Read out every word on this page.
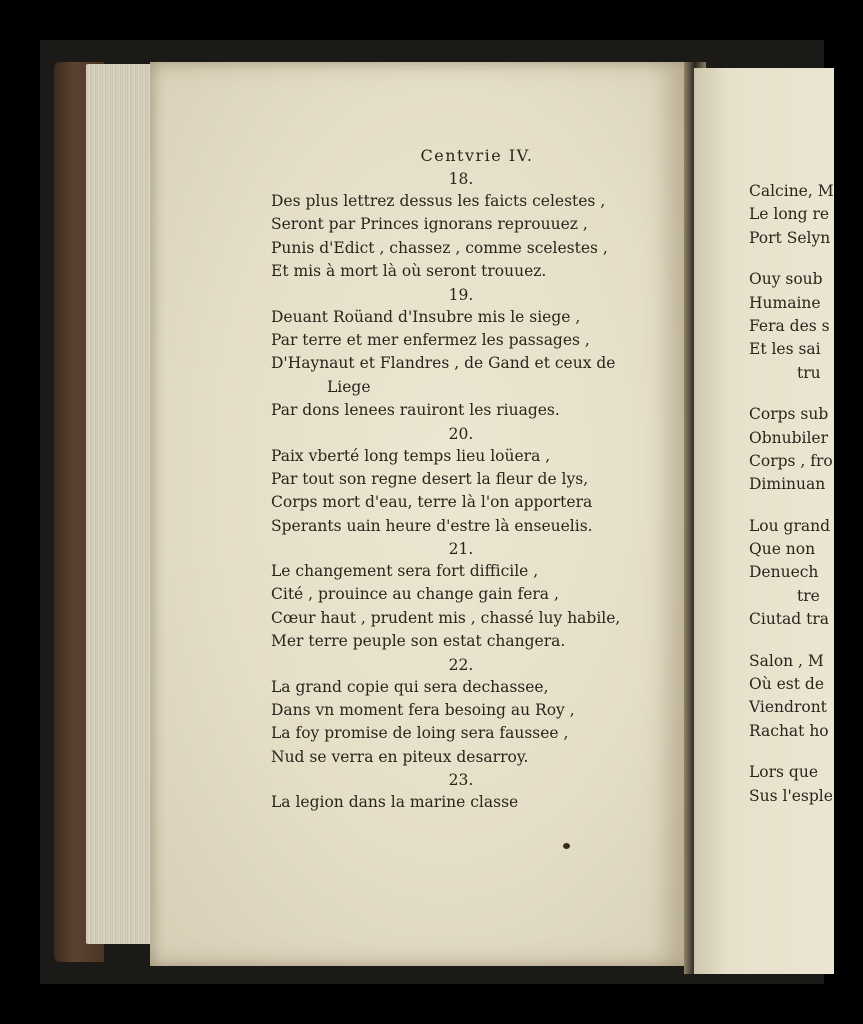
Centvrie IV.
18.
Des plus lettrez dessus les faicts celestes ,
Seront par Princes ignorans reprouuez ,
Punis d'Edict , chassez , comme scelestes ,
Et mis à mort là où seront trouuez.
19.
Deuant Roüand d'Insubre mis le siege ,
Par terre et mer enfermez les passages ,
D'Haynaut et Flandres , de Gand et ceux de
Liege
Par dons lenees rauiront les riuages.
20.
Paix vberté long temps lieu loüera ,
Par tout son regne desert la fleur de lys,
Corps mort d'eau, terre là l'on apportera
Sperants uain heure d'estre là enseuelis.
21.
Le changement sera fort difficile ,
Cité , prouince au change gain fera ,
Cœur haut , prudent mis , chassé luy habile,
Mer terre peuple son estat changera.
22.
La grand copie qui sera dechassee,
Dans vn moment fera besoing au Roy ,
La foy promise de loing sera faussee ,
Nud se verra en piteux desarroy.
23.
La legion dans la marine classe
Calcine, M
Le long re
Port Selyn
Ouy soub
Humaine
Fera des s
Et les sai
tru
Corps sub
Obnubiler
Corps , fro
Diminuan
Lou grand
Que non
Denuech
tre
Ciutad tra
Salon , M
Où est de
Viendront
Rachat ho
Lors que
Sus l'esple
